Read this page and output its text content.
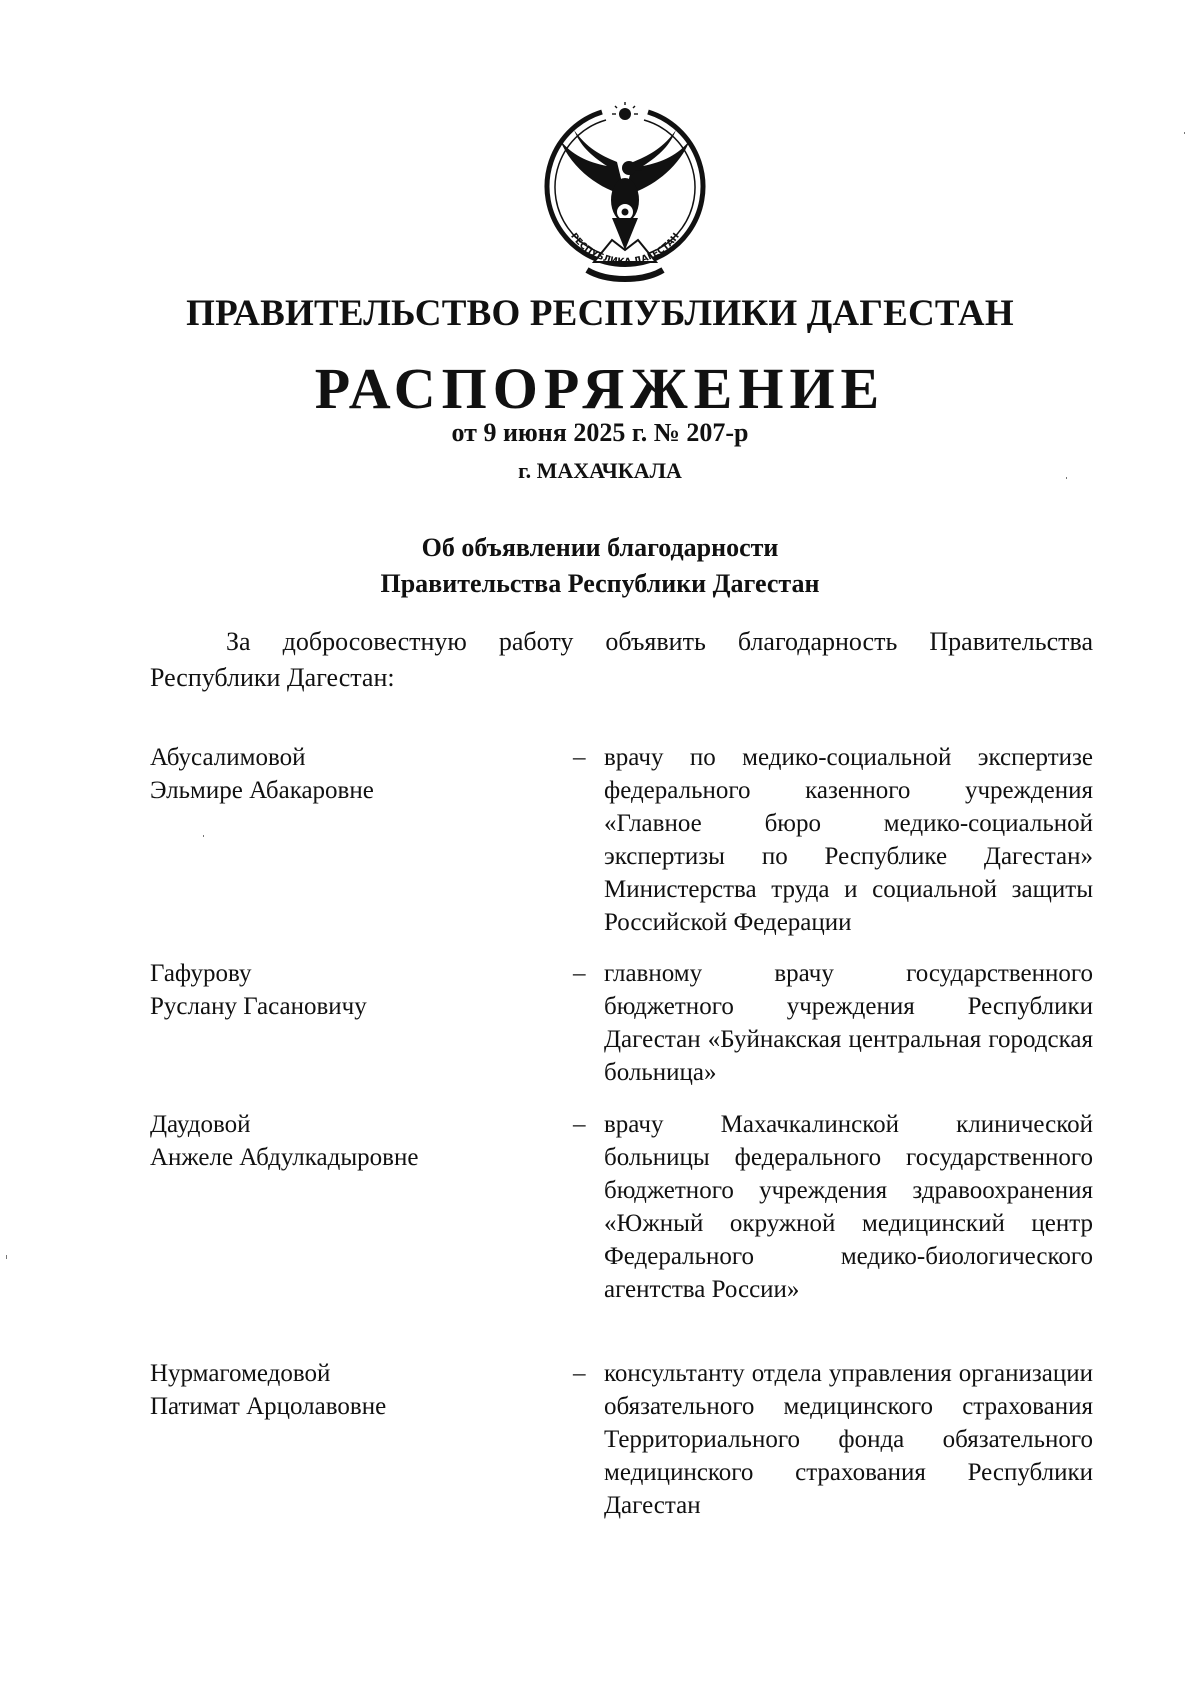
РЕСПУБЛИКА ДАГЕСТАН
ПРАВИТЕЛЬСТВО РЕСПУБЛИКИ ДАГЕСТАН
РАСПОРЯЖЕНИЕ
от 9 июня 2025 г. № 207-р
г. МАХАЧКАЛА
Об объявлении благодарности
Правительства Республики Дагестан
За добросовестную работу объявить благодарность Правительства
Республики Дагестан:
Абусалимовой
Эльмире Абакаровне
– врачу по медико-социальной экспертизе федерального казенного учреждения «Главное бюро медико-социальной экспертизы по Республике Дагестан» Министерства труда и социальной защиты Российской Федерации
Гафурову
Руслану Гасановичу
– главному врачу государственного бюджетного учреждения Республики Дагестан «Буйнакская центральная городская больница»
Даудовой
Анжеле Абдулкадыровне
– врачу Махачкалинской клинической больницы федерального государственного бюджетного учреждения здравоохранения «Южный окружной медицинский центр Федерального медико-биологического агентства России»
Нурмагомедовой
Патимат Арцолавовне
– консультанту отдела управления организации обязательного медицинского страхования Территориального фонда обязательного медицинского страхования Республики Дагестан
